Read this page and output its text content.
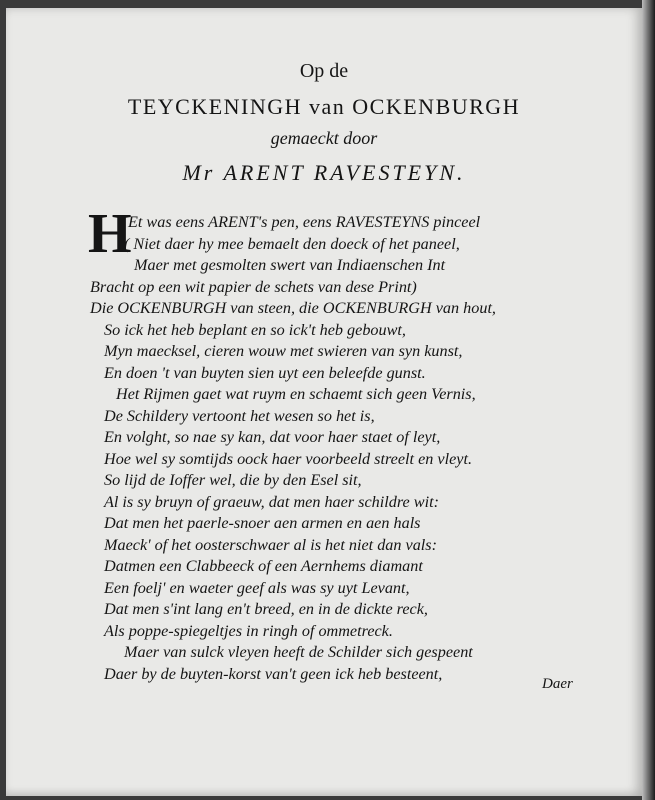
Op de
TEYCKENINGH van OCKENBURGH
gemaeckt door
Mr ARENT RAVESTEYN.
H
Et was eens ARENT's pen, eens RAVESTEYNS pinceel
( Niet daer hy mee bemaelt den doeck of het paneel,
Maer met gesmolten swert van Indiaenschen Int
Bracht op een wit papier de schets van dese Print)
Die OCKENBURGH van steen, die OCKENBURGH van hout,
So ick het heb beplant en so ick't heb gebouwt,
Myn maecksel, cieren wouw met swieren van syn kunst,
En doen 't van buyten sien uyt een beleefde gunst.
Het Rijmen gaet wat ruym en schaemt sich geen Vernis,
De Schildery vertoont het wesen so het is,
En volght, so nae sy kan, dat voor haer staet of leyt,
Hoe wel sy somtijds oock haer voorbeeld streelt en vleyt.
So lijd de Ioffer wel, die by den Esel sit,
Al is sy bruyn of graeuw, dat men haer schildre wit:
Dat men het paerle-snoer aen armen en aen hals
Maeck' of het oosterschwaer al is het niet dan vals:
Datmen een Clabbeeck of een Aernhems diamant
Een foelj' en waeter geef als was sy uyt Levant,
Dat men s'int lang en't breed, en in de dickte reck,
Als poppe-spiegeltjes in ringh of ommetreck.
Maer van sulck vleyen heeft de Schilder sich gespeent
Daer by de buyten-korst van't geen ick heb besteent,
Daer
